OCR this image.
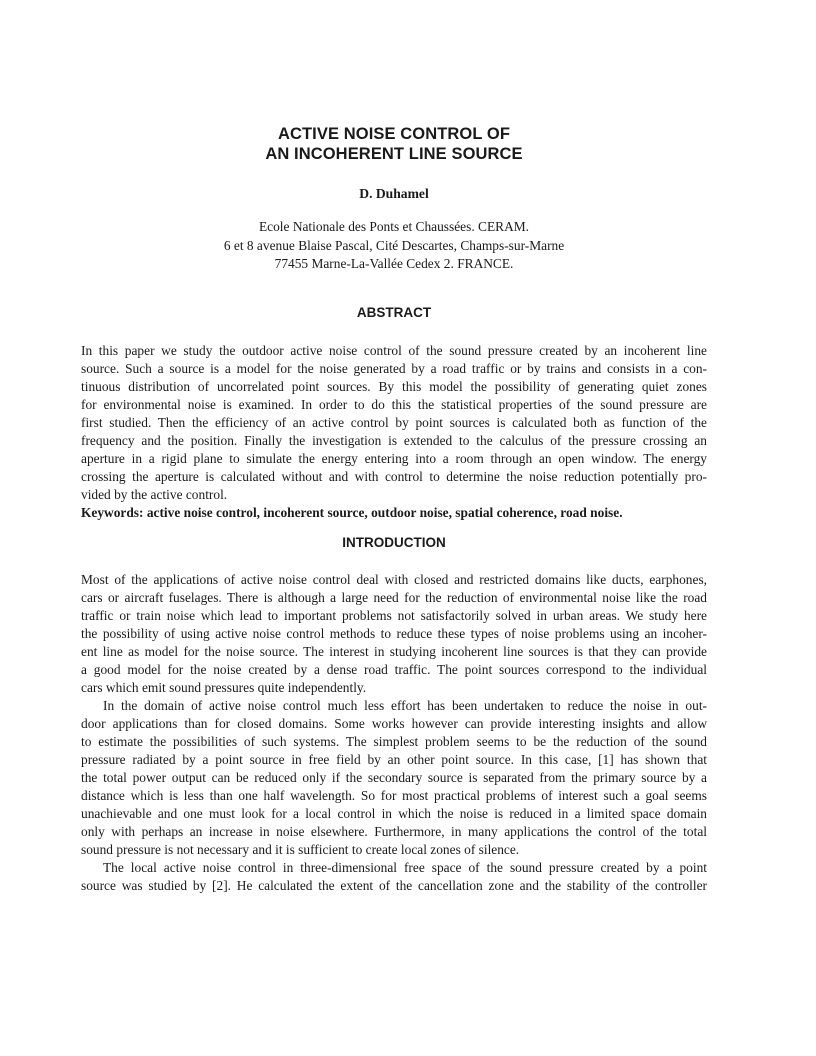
ACTIVE NOISE CONTROL OF
AN INCOHERENT LINE SOURCE
D. Duhamel
Ecole Nationale des Ponts et Chaussées. CERAM.
6 et 8 avenue Blaise Pascal, Cité Descartes, Champs-sur-Marne
77455 Marne-La-Vallée Cedex 2. FRANCE.
ABSTRACT
In this paper we study the outdoor active noise control of the sound pressure created by an incoherent line
source. Such a source is a model for the noise generated by a road traffic or by trains and consists in a con-
tinuous distribution of uncorrelated point sources. By this model the possibility of generating quiet zones
for environmental noise is examined. In order to do this the statistical properties of the sound pressure are
first studied. Then the efficiency of an active control by point sources is calculated both as function of the
frequency and the position. Finally the investigation is extended to the calculus of the pressure crossing an
aperture in a rigid plane to simulate the energy entering into a room through an open window. The energy
crossing the aperture is calculated without and with control to determine the noise reduction potentially pro-
vided by the active control.
Keywords: active noise control, incoherent source, outdoor noise, spatial coherence, road noise.
INTRODUCTION
Most of the applications of active noise control deal with closed and restricted domains like ducts, earphones,
cars or aircraft fuselages. There is although a large need for the reduction of environmental noise like the road
traffic or train noise which lead to important problems not satisfactorily solved in urban areas. We study here
the possibility of using active noise control methods to reduce these types of noise problems using an incoher-
ent line as model for the noise source. The interest in studying incoherent line sources is that they can provide
a good model for the noise created by a dense road traffic. The point sources correspond to the individual
cars which emit sound pressures quite independently.
In the domain of active noise control much less effort has been undertaken to reduce the noise in out-
door applications than for closed domains. Some works however can provide interesting insights and allow
to estimate the possibilities of such systems. The simplest problem seems to be the reduction of the sound
pressure radiated by a point source in free field by an other point source. In this case, [1] has shown that
the total power output can be reduced only if the secondary source is separated from the primary source by a
distance which is less than one half wavelength. So for most practical problems of interest such a goal seems
unachievable and one must look for a local control in which the noise is reduced in a limited space domain
only with perhaps an increase in noise elsewhere. Furthermore, in many applications the control of the total
sound pressure is not necessary and it is sufficient to create local zones of silence.
The local active noise control in three-dimensional free space of the sound pressure created by a point
source was studied by [2]. He calculated the extent of the cancellation zone and the stability of the controller
